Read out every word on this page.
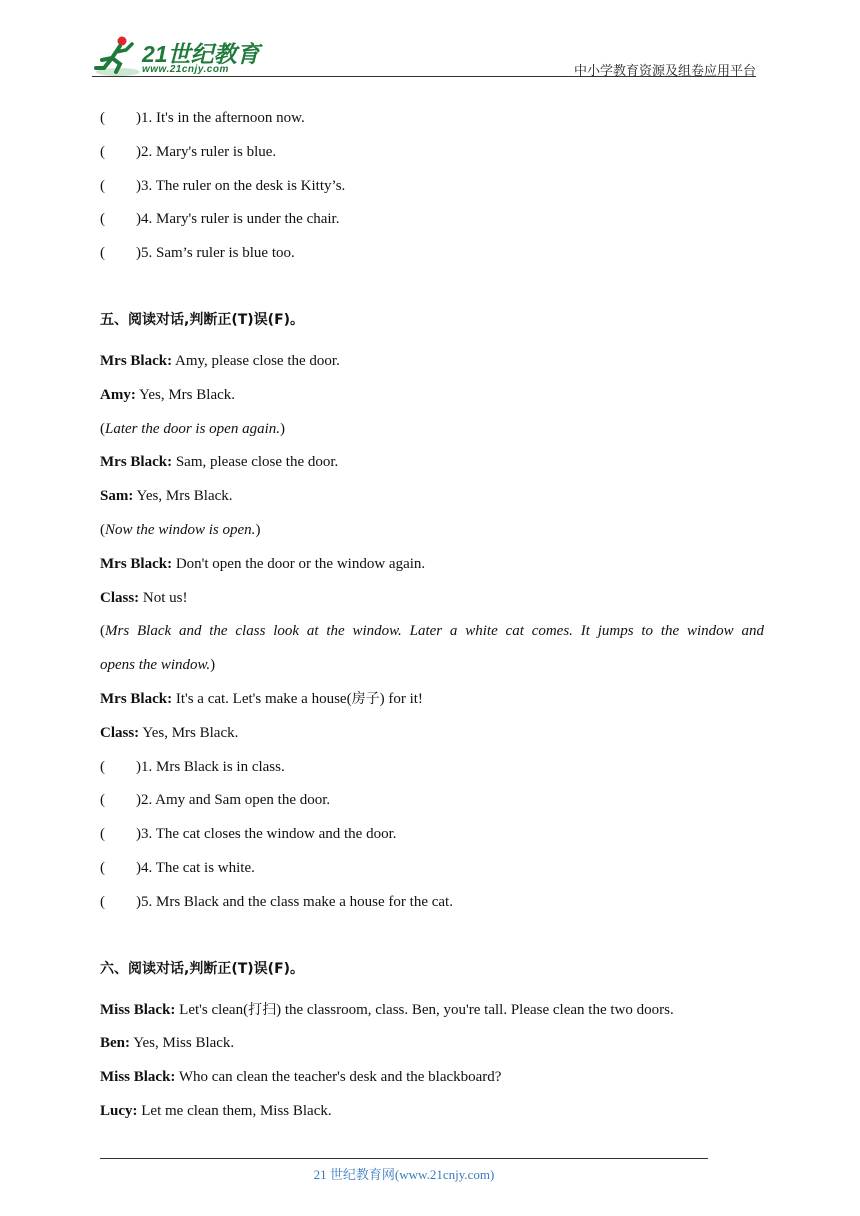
21世纪教育
www.21cnjy.com	中小学教育资源及组卷应用平台
( )1. It's in the afternoon now.
( )2. Mary's ruler is blue.
( )3. The ruler on the desk is Kitty’s.
( )4. Mary's ruler is under the chair.
( )5. Sam’s ruler is blue too.
五、阅读对话,判断正(T)误(F)。
Mrs Black: Amy, please close the door.
Amy: Yes, Mrs Black.
(Later the door is open again.)
Mrs Black: Sam, please close the door.
Sam: Yes, Mrs Black.
(Now the window is open.)
Mrs Black: Don't open the door or the window again.
Class: Not us!
(Mrs Black and the class look at the window. Later a white cat comes. It jumps to the window and
opens the window.)
Mrs Black: It's a cat. Let's make a house(房子) for it!
Class: Yes, Mrs Black.
( )1. Mrs Black is in class.
( )2. Amy and Sam open the door.
( )3. The cat closes the window and the door.
( )4. The cat is white.
( )5. Mrs Black and the class make a house for the cat.
六、阅读对话,判断正(T)误(F)。
Miss Black: Let's clean(打扫) the classroom, class. Ben, you're tall. Please clean the two doors.
Ben: Yes, Miss Black.
Miss Black: Who can clean the teacher's desk and the blackboard?
Lucy: Let me clean them, Miss Black.
21 世纪教育网(www.21cnjy.com)
